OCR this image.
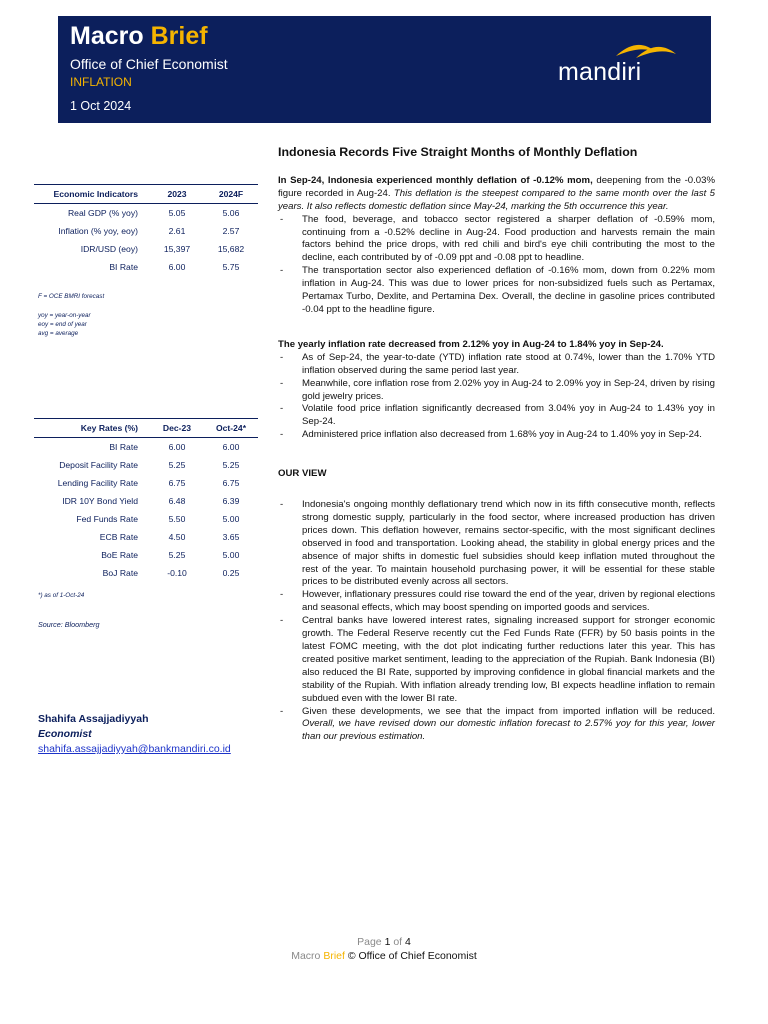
Macro Brief
Office of Chief Economist
INFLATION
1 Oct 2024
mandiri
Economic Indicators	2023	2024F
Real GDP (% yoy)	5.05	5.06
Inflation (% yoy, eoy)	2.61	2.57
IDR/USD (eoy)	15,397	15,682
BI Rate	6.00	5.75
F = OCE BMRI forecast
yoy = year-on-year
eoy = end of year
avg = average
Key Rates (%)	Dec-23	Oct-24*
BI Rate	6.00	6.00
Deposit Facility Rate	5.25	5.25
Lending Facility Rate	6.75	6.75
IDR 10Y Bond Yield	6.48	6.39
Fed Funds Rate	5.50	5.00
ECB Rate	4.50	3.65
BoE Rate	5.25	5.00
BoJ Rate	-0.10	0.25
*) as of 1-Oct-24
Source: Bloomberg
Shahifa Assajjadiyyah
Economist
shahifa.assajjadiyyah@bankmandiri.co.id
Indonesia Records Five Straight Months of Monthly Deflation

In Sep-24, Indonesia experienced monthly deflation of -0.12% mom, deepening from the -0.03% figure recorded in Aug-24. This deflation is the steepest compared to the same month over the last 5 years. It also reflects domestic deflation since May-24, marking the 5th occurrence this year.

- The food, beverage, and tobacco sector registered a sharper deflation of -0.59% mom, continuing from a -0.52% decline in Aug-24. Food production and harvests remain the main factors behind the price drops, with red chili and bird's eye chili contributing the most to the decline, each contributed by of -0.09 ppt and -0.08 ppt to headline.
- The transportation sector also experienced deflation of -0.16% mom, down from 0.22% mom inflation in Aug-24. This was due to lower prices for non-subsidized fuels such as Pertamax, Pertamax Turbo, Dexlite, and Pertamina Dex. Overall, the decline in gasoline prices contributed -0.04 ppt to the headline figure.
The yearly inflation rate decreased from 2.12% yoy in Aug-24 to 1.84% yoy in Sep-24.
- As of Sep-24, the year-to-date (YTD) inflation rate stood at 0.74%, lower than the 1.70% YTD inflation observed during the same period last year.
- Meanwhile, core inflation rose from 2.02% yoy in Aug-24 to 2.09% yoy in Sep-24, driven by rising gold jewelry prices.
- Volatile food price inflation significantly decreased from 3.04% yoy in Aug-24 to 1.43% yoy in Sep-24.
- Administered price inflation also decreased from 1.68% yoy in Aug-24 to 1.40% yoy in Sep-24.
OUR VIEW
- Indonesia's ongoing monthly deflationary trend which now in its fifth consecutive month, reflects strong domestic supply, particularly in the food sector, where increased production has driven prices down. This deflation however, remains sector-specific, with the most significant declines observed in food and transportation. Looking ahead, the stability in global energy prices and the absence of major shifts in domestic fuel subsidies should keep inflation muted throughout the rest of the year. To maintain household purchasing power, it will be essential for these stable prices to be distributed evenly across all sectors.
- However, inflationary pressures could rise toward the end of the year, driven by regional elections and seasonal effects, which may boost spending on imported goods and services.
- Central banks have lowered interest rates, signaling increased support for stronger economic growth. The Federal Reserve recently cut the Fed Funds Rate (FFR) by 50 basis points in the latest FOMC meeting, with the dot plot indicating further reductions later this year. This has created positive market sentiment, leading to the appreciation of the Rupiah. Bank Indonesia (BI) also reduced the BI Rate, supported by improving confidence in global financial markets and the stability of the Rupiah. With inflation already trending low, BI expects headline inflation to remain subdued even with the lower BI rate.
- Given these developments, we see that the impact from imported inflation will be reduced. Overall, we have revised down our domestic inflation forecast to 2.57% yoy for this year, lower than our previous estimation.
Page 1 of 4
Macro Brief © Office of Chief Economist
